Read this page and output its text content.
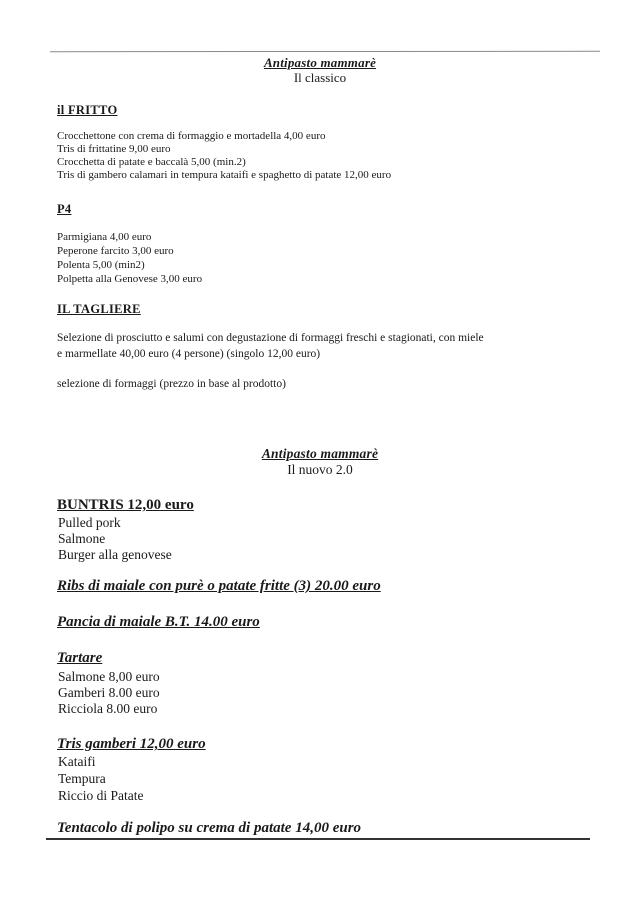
Antipasto mammarè
Il classico
il FRITTO
Crocchettone con crema di formaggio e mortadella 4,00 euro
Tris di frittatine 9,00 euro
Crocchetta di patate e baccalà 5,00 (min.2)
Tris di gambero calamari in tempura kataifi e spaghetto di patate 12,00 euro
P4
Parmigiana 4,00 euro
Peperone farcito 3,00 euro
Polenta 5,00 (min2)
Polpetta alla Genovese 3,00 euro
IL TAGLIERE
Selezione di prosciutto e salumi con degustazione di formaggi freschi e stagionati, con miele
e marmellate 40,00 euro (4 persone) (singolo 12,00 euro)
selezione di formaggi (prezzo in base al prodotto)
Antipasto mammarè
Il nuovo 2.0
BUNTRIS 12,00 euro
Pulled pork
Salmone
Burger alla genovese
Ribs di maiale con purè o patate fritte (3) 20.00 euro
Pancia di maiale B.T. 14.00 euro
Tartare
Salmone 8,00 euro
Gamberi 8.00 euro
Ricciola 8.00 euro
Tris gamberi 12,00 euro
Kataifi
Tempura
Riccio di Patate
Tentacolo di polipo su crema di patate 14,00 euro
